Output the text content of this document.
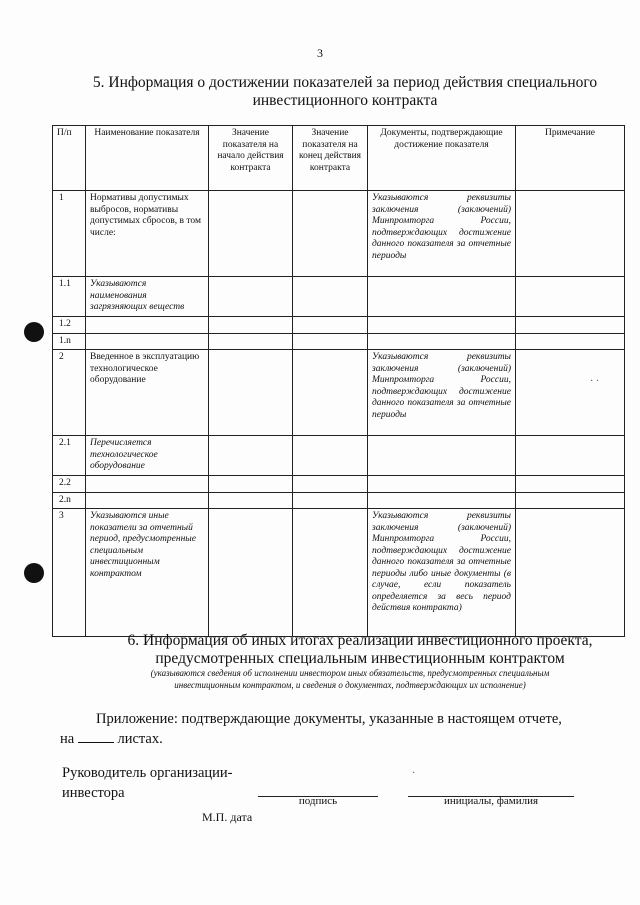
3
5. Информация о достижении показателей за период действия специального
инвестиционного контракта
П/п	Наименование показателя	Значение показателя на начало действия контракта	Значение показателя на конец действия контракта	Документы, подтверждающие достижение показателя	Примечание
1	Нормативы допустимых выбросов, нормативы допустимых сбросов, в том числе:			Указываются реквизиты заключения (заключений) Минпромторга России, подтверждающих достижение данного показателя за отчетные периоды	
1.1	Указываются наименования загрязняющих веществ				
1.2					
1.n					
2	Введенное в эксплуатацию технологическое оборудование			Указываются реквизиты заключения (заключений) Минпромторга России, подтверждающих достижение данного показателя за отчетные периоды	
2.1	Перечисляется технологическое оборудование				
2.2					
2.n					
3	Указываются иные показатели за отчетный период, предусмотренные специальным инвестиционным контрактом			Указываются реквизиты заключения (заключений) Минпромторга России, подтверждающих достижение данного показателя за отчетные периоды либо иные документы (в случае, если показатель определяется за весь период действия контракта)	
· ·
6. Информация об иных итогах реализации инвестиционного проекта,
предусмотренных специальным инвестиционным контрактом
(указываются сведения об исполнении инвестором иных обязательств, предусмотренных специальным
инвестиционным контрактом, и сведения о документах, подтверждающих их исполнение)
Приложение: подтверждающие документы, указанные в настоящем отчете,
на	листах.
Руководитель организации-
инвестора	подпись	инициалы, фамилия
М.П. дата
·
